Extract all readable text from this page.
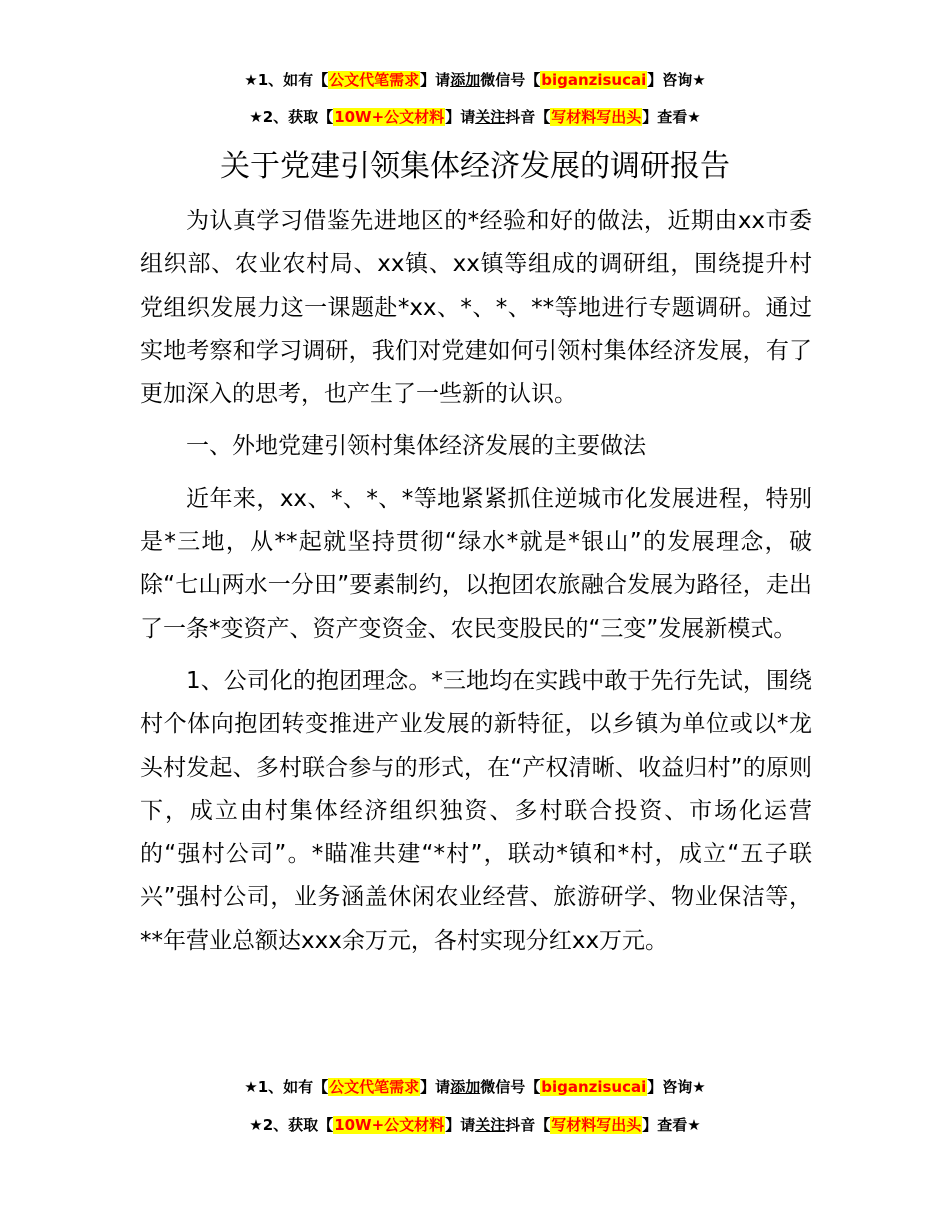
★1、如有【公文代笔需求】请添加微信号【biganzisucai】咨询★
★2、获取【10W+公文材料】请关注抖音【写材料写出头】查看★
关于党建引领集体经济发展的调研报告

为认真学习借鉴先进地区的*经验和好的做法，近期由xx市委组织部、农业农村局、xx镇、xx镇等组成的调研组，围绕提升村党组织发展力这一课题赴*xx、*、*、**等地进行专题调研。通过实地考察和学习调研，我们对党建如何引领村集体经济发展，有了更加深入的思考，也产生了一些新的认识。

一、外地党建引领村集体经济发展的主要做法

近年来，xx、*、*、*等地紧紧抓住逆城市化发展进程，特别是*三地，从**起就坚持贯彻“绿水*就是*银山”的发展理念，破除“七山两水一分田”要素制约，以抱团农旅融合发展为路径，走出了一条*变资产、资产变资金、农民变股民的“三变”发展新模式。

1、公司化的抱团理念。*三地均在实践中敢于先行先试，围绕村个体向抱团转变推进产业发展的新特征，以乡镇为单位或以*龙头村发起、多村联合参与的形式，在“产权清晰、收益归村”的原则下，成立由村集体经济组织独资、多村联合投资、市场化运营的“强村公司”。*瞄准共建“*村”，联动*镇和*村，成立“五子联兴”强村公司，业务涵盖休闲农业经营、旅游研学、物业保洁等，**年营业总额达xxx余万元，各村实现分红xx万元。

★1、如有【公文代笔需求】请添加微信号【biganzisucai】咨询★
★2、获取【10W+公文材料】请关注抖音【写材料写出头】查看★
